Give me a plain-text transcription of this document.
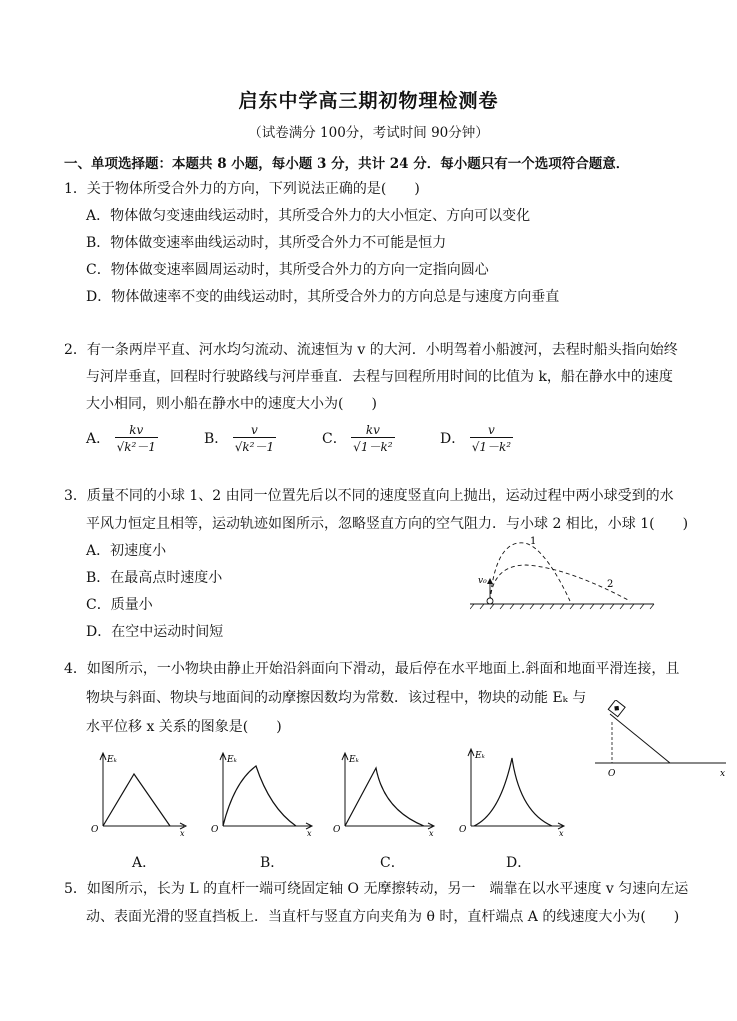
启东中学高三期初物理检测卷
（试卷满分 100分，考试时间 90分钟）
一、单项选择题：本题共 8 小题，每小题 3 分，共计 24 分．每小题只有一个选项符合题意．
1．关于物体所受合外力的方向，下列说法正确的是(　　)
A．物体做匀变速曲线运动时，其所受合外力的大小恒定、方向可以变化
B．物体做变速率曲线运动时，其所受合外力不可能是恒力
C．物体做变速率圆周运动时，其所受合外力的方向一定指向圆心
D．物体做速率不变的曲线运动时，其所受合外力的方向总是与速度方向垂直
2．有一条两岸平直、河水均匀流动、流速恒为 v 的大河．小明驾着小船渡河，去程时船头指向始终
与河岸垂直，回程时行驶路线与河岸垂直．去程与回程所用时间的比值为 k，船在静水中的速度
大小相同，则小船在静水中的速度大小为(　　)
A． $\frac{kv}{\text{√k²－1}}$	B． $\frac{v}{\text{√k²－1}}$	C． $\frac{kv}{\text{√1－k²}}$	D． $\frac{v}{\text{√1－k²}}$
3．质量不同的小球 1、2 由同一位置先后以不同的速度竖直向上抛出，运动过程中两小球受到的水
平风力恒定且相等，运动轨迹如图所示，忽略竖直方向的空气阻力．与小球 2 相比，小球 1(　　)
A．初速度小
B．在最高点时速度小
C．质量小
D．在空中运动时间短
v₀
1
2
4．如图所示，一小物块由静止开始沿斜面向下滑动，最后停在水平地面上.斜面和地面平滑连接，且
物块与斜面、物块与地面间的动摩擦因数均为常数．该过程中，物块的动能 Eₖ 与
水平位移 x 关系的图象是(　　)
O	x
Eₖ
O	x
A．
Eₖ
O	x
B．
Eₖ
O	x
C．
Eₖ
O	x
D．
5．如图所示，长为 L 的直杆一端可绕固定轴 O 无摩擦转动，另一　端靠在以水平速度 v 匀速向左运
动、表面光滑的竖直挡板上．当直杆与竖直方向夹角为 θ 时，直杆端点 A 的线速度大小为(　　)
